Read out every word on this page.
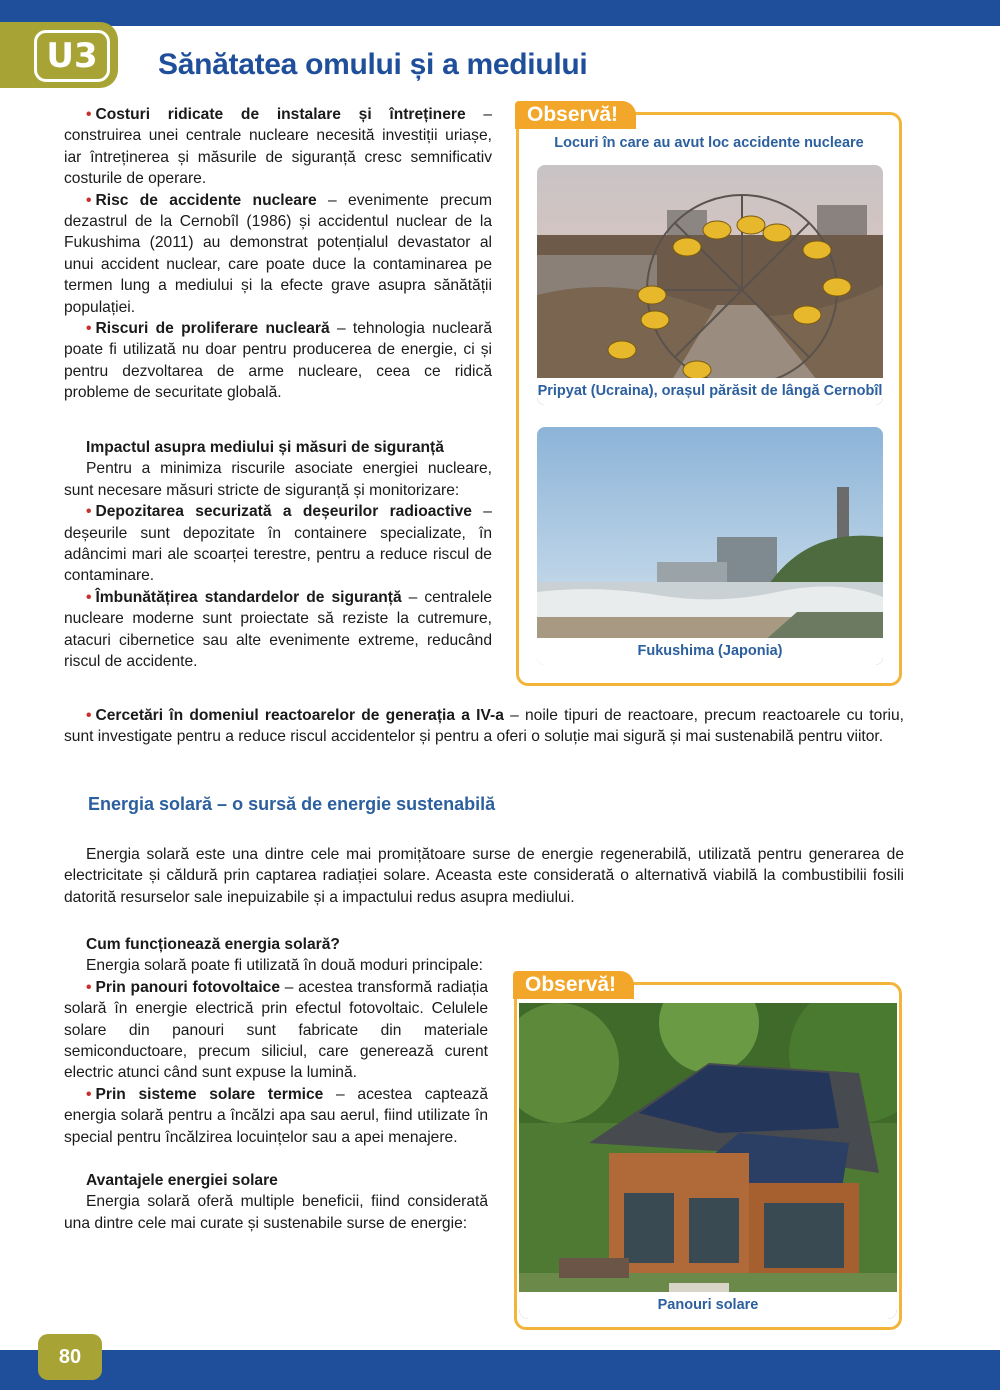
U3	Sănătatea omului și a mediului

• Costuri ridicate de instalare și întreținere – construirea unei centrale nucleare necesită investiții uriașe, iar întreținerea și măsurile de siguranță cresc semnificativ costurile de operare.

• Risc de accidente nucleare – evenimente precum dezastrul de la Cernobîl (1986) și accidentul nuclear de la Fukushima (2011) au demonstrat potențialul devastator al unui accident nuclear, care poate duce la contaminarea pe termen lung a mediului și la efecte grave asupra sănătății populației.

• Riscuri de proliferare nucleară – tehnologia nucleară poate fi utilizată nu doar pentru producerea de energie, ci și pentru dezvoltarea de arme nucleare, ceea ce ridică probleme de securitate globală.

Impactul asupra mediului și măsuri de siguranță

Pentru a minimiza riscurile asociate energiei nucleare, sunt necesare măsuri stricte de siguranță și monitorizare:

• Depozitarea securizată a deșeurilor radioactive – deșeurile sunt depozitate în containere specializate, în adâncimi mari ale scoarței terestre, pentru a reduce riscul de contaminare.

• Îmbunătățirea standardelor de siguranță – centralele nucleare moderne sunt proiectate să reziste la cutremure, atacuri cibernetice sau alte evenimente extreme, reducând riscul de accidente.

• Cercetări în domeniul reactoarelor de generația a IV-a – noile tipuri de reactoare, precum reactoarele cu toriu, sunt investigate pentru a reduce riscul accidentelor și pentru a oferi o soluție mai sigură și mai sustenabilă pentru viitor.

Energia solară – o sursă de energie sustenabilă

Energia solară este una dintre cele mai promițătoare surse de energie regenerabilă, utilizată pentru generarea de electricitate și căldură prin captarea radiației solare. Aceasta este considerată o alternativă viabilă la combustibilii fosili datorită resurselor sale inepuizabile și a impactului redus asupra mediului.

Cum funcționează energia solară?

Energia solară poate fi utilizată în două moduri principale:

• Prin panouri fotovoltaice – acestea transformă radiația solară în energie electrică prin efectul fotovoltaic. Celulele solare din panouri sunt fabricate din materiale semiconductoare, precum siliciul, care generează curent electric atunci când sunt expuse la lumină.

• Prin sisteme solare termice – acestea captează energia solară pentru a încălzi apa sau aerul, fiind utilizate în special pentru încălzirea locuințelor sau a apei menajere.

Avantajele energiei solare

Energia solară oferă multiple beneficii, fiind considerată una dintre cele mai curate și sustenabile surse de energie:

Observă!
Locuri în care au avut loc accidente nucleare
Pripyat (Ucraina), orașul părăsit de lângă Cernobîl
Fukushima (Japonia)
Observă!
Panouri solare
80
